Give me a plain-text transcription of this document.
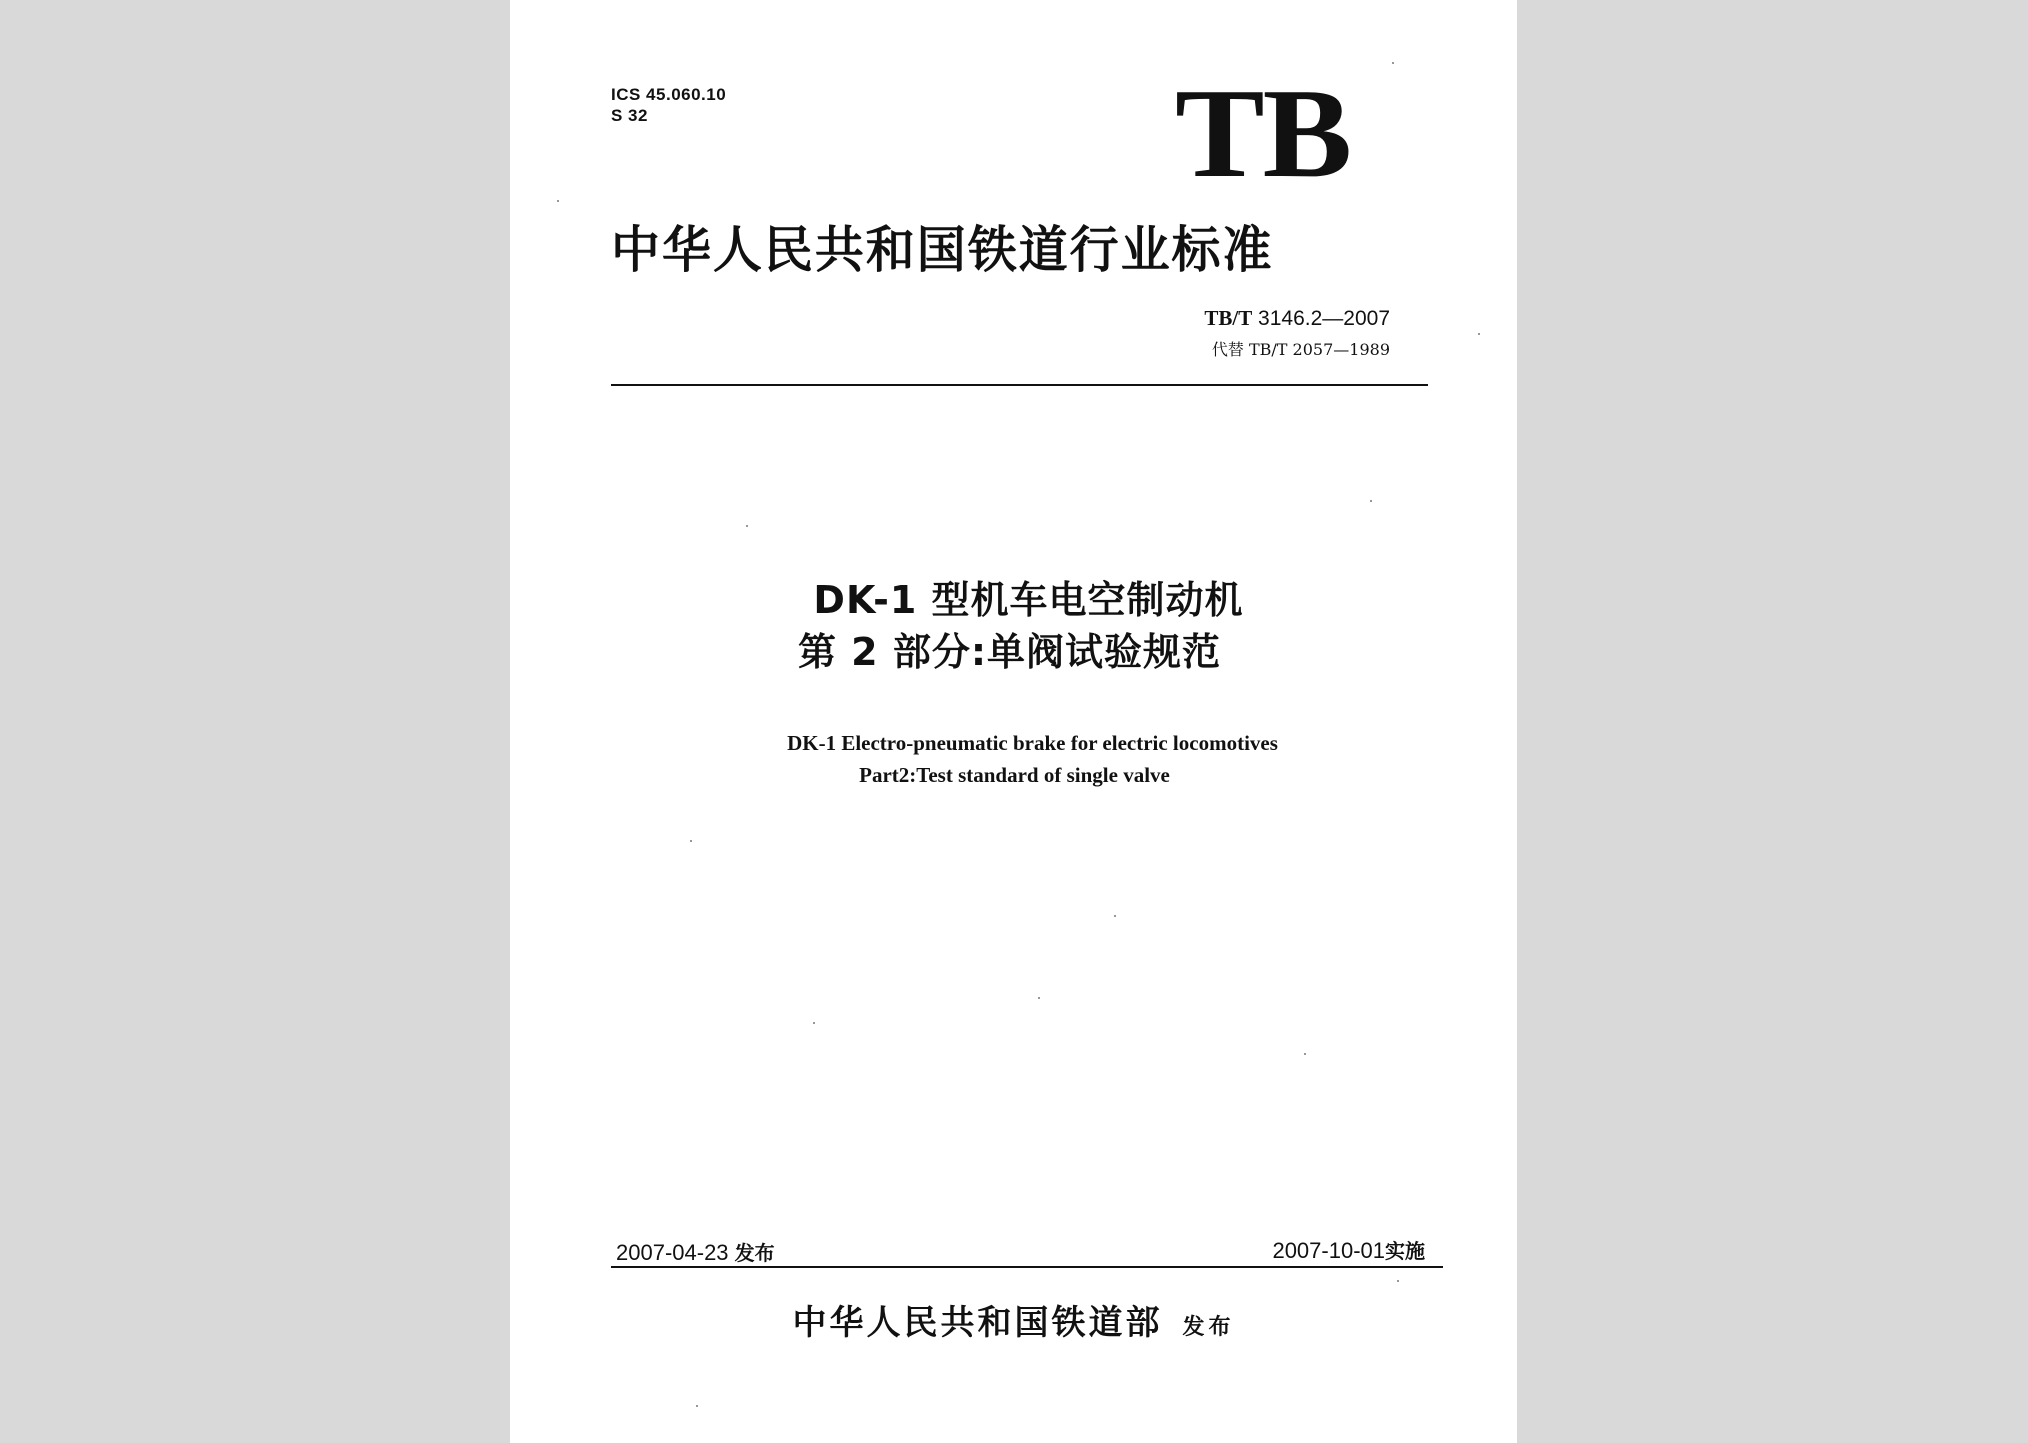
ICS 45.060.10
S 32	TB
中华人民共和国铁道行业标准
TB/T 3146.2—2007
代替 TB/T 2057—1989
DK-1 型机车电空制动机
第 2 部分:单阀试验规范
DK-1 Electro-pneumatic brake for electric locomotives
Part2:Test standard of single valve
2007-04-23 发布	2007-10-01实施
中华人民共和国铁道部 发布
